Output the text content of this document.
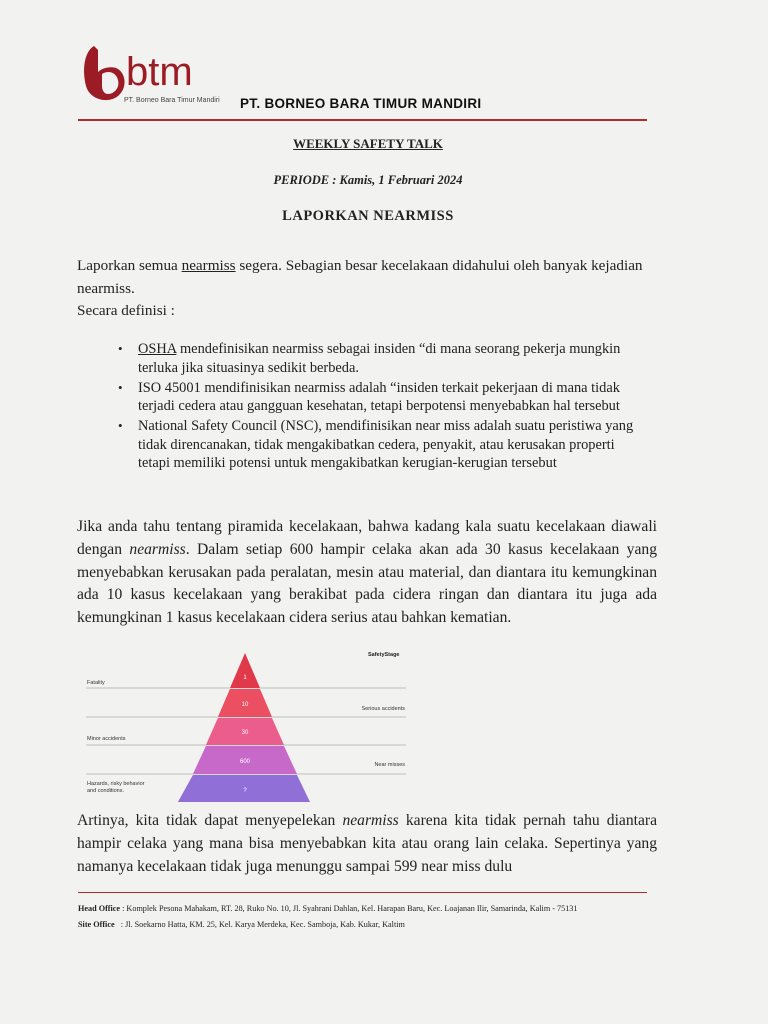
btm
PT. Borneo Bara Timur Mandiri PT. BORNEO BARA TIMUR MANDIRI
WEEKLY SAFETY TALK
PERIODE : Kamis, 1 Februari 2024
LAPORKAN NEARMISS
Laporkan semua nearmiss segera. Sebagian besar kecelakaan didahului oleh banyak kejadian nearmiss.
Secara definisi :
• OSHA mendefinisikan nearmiss sebagai insiden “di mana seorang pekerja mungkin terluka jika situasinya sedikit berbeda.
• ISO 45001 mendifinisikan nearmiss adalah “insiden terkait pekerjaan di mana tidak terjadi cedera atau gangguan kesehatan, tetapi berpotensi menyebabkan hal tersebut
• National Safety Council (NSC), mendifinisikan near miss adalah suatu peristiwa yang tidak direncanakan, tidak mengakibatkan cedera, penyakit, atau kerusakan properti tetapi memiliki potensi untuk mengakibatkan kerugian-kerugian tersebut
Jika anda tahu tentang piramida kecelakaan, bahwa kadang kala suatu kecelakaan diawali dengan nearmiss. Dalam setiap 600 hampir celaka akan ada 30 kasus kecelakaan yang menyebabkan kerusakan pada peralatan, mesin atau material, dan diantara itu kemungkinan ada 10 kasus kecelakaan yang berakibat pada cidera ringan dan diantara itu juga ada kemungkinan 1 kasus kecelakaan cidera serius atau bahkan kematian.
SafetyStage
1
10
30
600
?
Fatality
Serious accidents
Minor accidents
Near misses
Hazards, risky behavior and conditions.
Artinya, kita tidak dapat menyepelekan nearmiss karena kita tidak pernah tahu diantara hampir celaka yang mana bisa menyebabkan kita atau orang lain celaka. Sepertinya yang namanya kecelakaan tidak juga menunggu sampai 599 near miss dulu
Head Office : Komplek Pesona Mahakam, RT. 28, Ruko No. 10, Jl. Syahrani Dahlan, Kel. Harapan Baru, Kec. Loajanan Ilir, Samarinda, Kalim - 75131
Site Office : Jl. Soekarno Hatta, KM. 25, Kel. Karya Merdeka, Kec. Samboja, Kab. Kukar, Kaltim
